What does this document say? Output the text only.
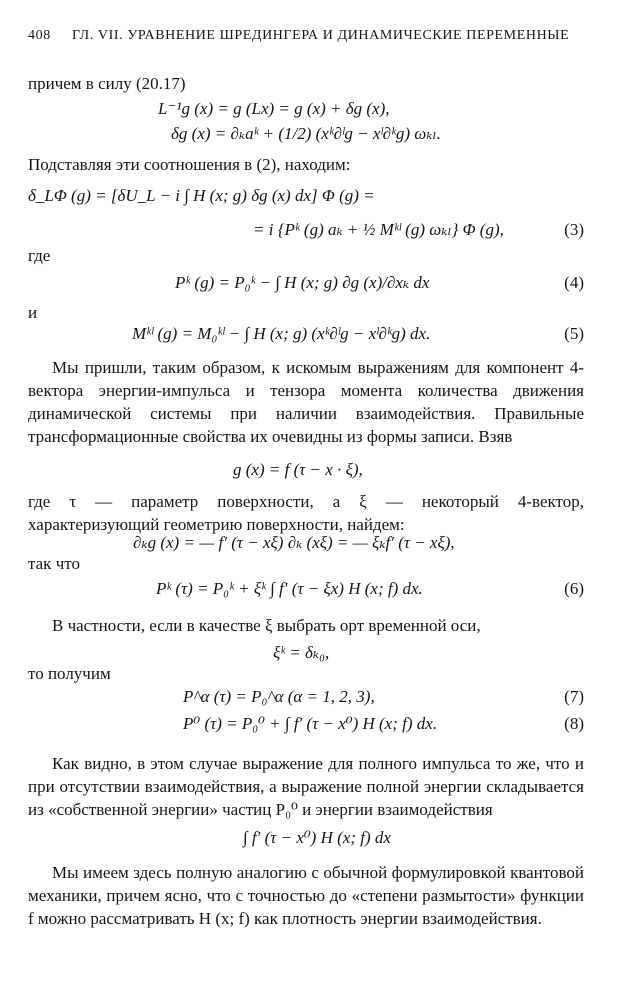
408 ГЛ. VII. УРАВНЕНИЕ ШРЕДИНГЕРА И ДИНАМИЧЕСКИЕ ПЕРЕМЕННЫЕ
причем в силу (20.17)
L⁻¹g (x) = g (Lx) = g (x) + δg (x),
δg (x) = ∂ₖaᵏ + (1/2) (xᵏ∂ˡg − xˡ∂ᵏg) ωₖₗ.
Подставляя эти соотношения в (2), находим:
δ_LΦ (g) = [δU_L − i ∫ H (x; g) δg (x) dx] Φ (g) =
= i {Pᵏ (g) aₖ + ½ Mᵏˡ (g) ωₖₗ} Φ (g),	(3)
где
Pᵏ (g) = P₀ᵏ − ∫ H (x; g) ∂g (x)/∂xₖ dx	(4)
и
Mᵏˡ (g) = M₀ᵏˡ − ∫ H (x; g) (xᵏ∂ˡg − xˡ∂ᵏg) dx.	(5)

Мы пришли, таким образом, к искомым выражениям для компонент 4-вектора энергии-импульса и тензора момента количества движения динамической системы при наличии взаимодействия. Правильные трансформационные свойства их очевидны из формы записи. Взяв

g (x) = f (τ − x · ξ),

где τ — параметр поверхности, а ξ — некоторый 4-вектор, характеризующий геометрию поверхности, найдем:

∂ₖg (x) = — f′ (τ − xξ) ∂ₖ (xξ) = — ξₖf′ (τ − xξ),
так что
Pᵏ (τ) = P₀ᵏ + ξᵏ ∫ f′ (τ − ξx) H (x; f) dx.	(6)
В частности, если в качестве ξ выбрать орт временной оси,
ξᵏ = δₖ₀,
то получим
P^α (τ) = P₀^α (α = 1, 2, 3),	(7)
P⁰ (τ) = P₀⁰ + ∫ f′ (τ − x⁰) H (x; f) dx.	(8)

Как видно, в этом случае выражение для полного импульса то же, что и при отсутствии взаимодействия, а выражение полной энергии складывается из «собственной энергии» частиц P₀⁰ и энергии взаимодействия

∫ f′ (τ − x⁰) H (x; f) dx

Мы имеем здесь полную аналогию с обычной формулировкой квантовой механики, причем ясно, что с точностью до «степени размытости» функции f можно рассматривать H (x; f) как плотность энергии взаимодействия.
